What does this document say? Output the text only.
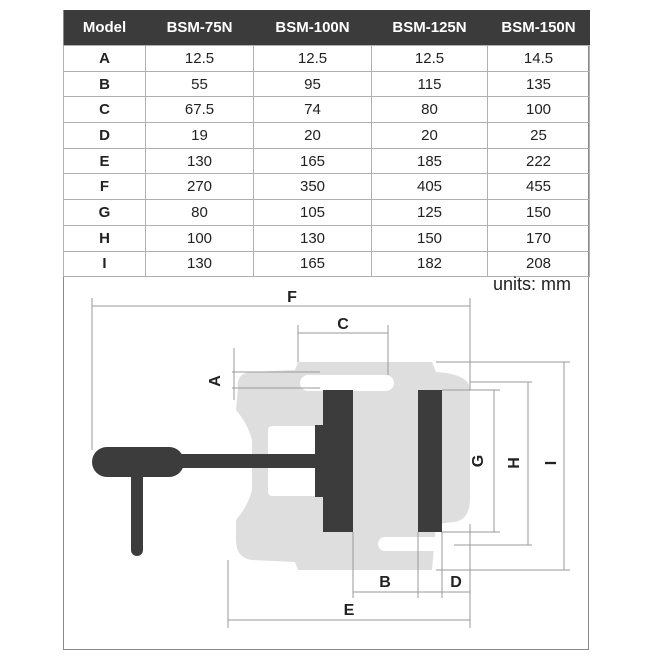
Model	BSM-75N	BSM-100N	BSM-125N	BSM-150N
A	12.5	12.5	12.5	14.5
B	55	95	115	135
C	67.5	74	80	100
D	19	20	20	25
E	130	165	185	222
F	270	350	405	455
G	80	105	125	150
H	100	130	150	170
I	130	165	182	208
units: mm
F
C
A
G H I
B	D
E
